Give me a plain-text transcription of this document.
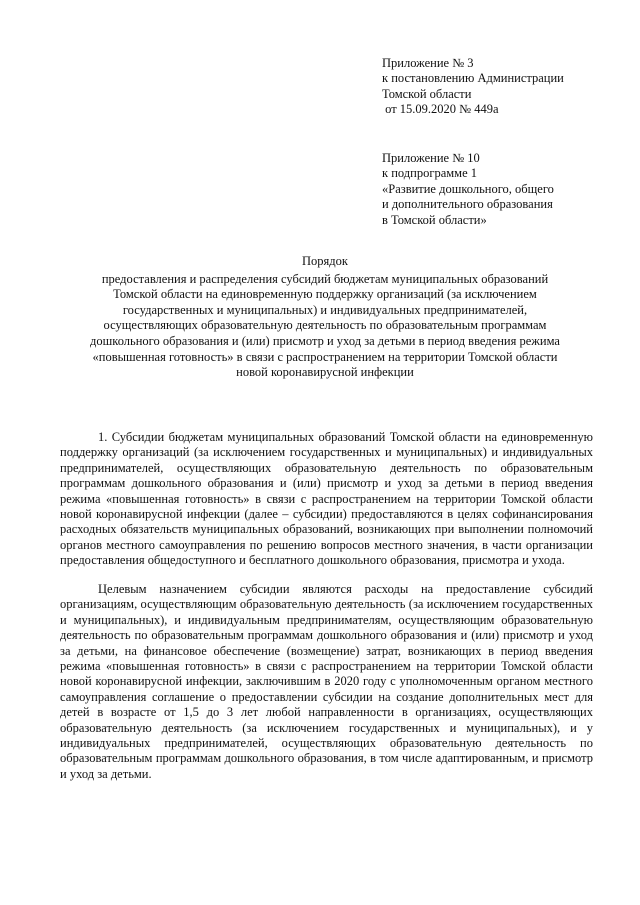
Приложение № 3
к постановлению Администрации
Томской области
от 15.09.2020 № 449а
Приложение № 10
к подпрограмме 1
«Развитие дошкольного, общего
и дополнительного образования
в Томской области»
Порядок
предоставления и распределения субсидий бюджетам муниципальных образований
Томской области на единовременную поддержку организаций (за исключением
государственных и муниципальных) и индивидуальных предпринимателей,
осуществляющих образовательную деятельность по образовательным программам
дошкольного образования и (или) присмотр и уход за детьми в период введения режима
«повышенная готовность» в связи с распространением на территории Томской области
новой коронавирусной инфекции

1. Субсидии бюджетам муниципальных образований Томской области на единовременную поддержку организаций (за исключением государственных и муниципальных) и индивидуальных предпринимателей, осуществляющих образовательную деятельность по образовательным программам дошкольного образования и (или) присмотр и уход за детьми в период введения режима «повышенная готовность» в связи с распространением на территории Томской области новой коронавирусной инфекции (далее – субсидии) предоставляются в целях софинансирования расходных обязательств муниципальных образований, возникающих при выполнении полномочий органов местного самоуправления по решению вопросов местного значения, в части организации предоставления общедоступного и бесплатного дошкольного образования, присмотра и ухода.

Целевым назначением субсидии являются расходы на предоставление субсидий организациям, осуществляющим образовательную деятельность (за исключением государственных и муниципальных), и индивидуальным предпринимателям, осуществляющим образовательную деятельность по образовательным программам дошкольного образования и (или) присмотр и уход за детьми, на финансовое обеспечение (возмещение) затрат, возникающих в период введения режима «повышенная готовность» в связи с распространением на территории Томской области новой коронавирусной инфекции, заключившим в 2020 году с уполномоченным органом местного самоуправления соглашение о предоставлении субсидии на создание дополнительных мест для детей в возрасте от 1,5 до 3 лет любой направленности в организациях, осуществляющих образовательную деятельность (за исключением государственных и муниципальных), и у индивидуальных предпринимателей, осуществляющих образовательную деятельность по образовательным программам дошкольного образования, в том числе адаптированным, и присмотр и уход за детьми.
